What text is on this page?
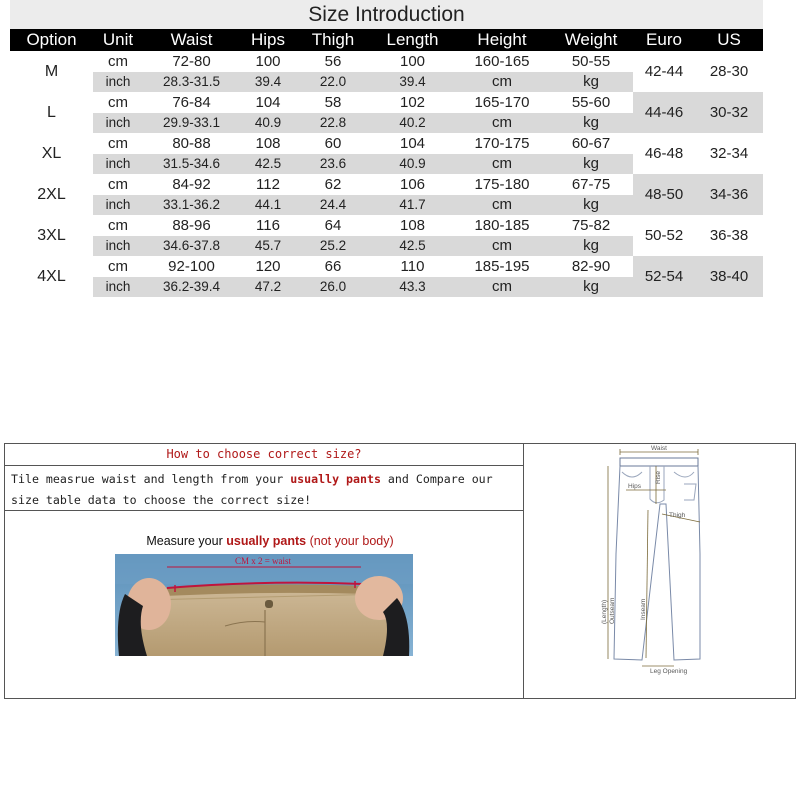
Size Introduction
Option	Unit	Waist	Hips	Thigh	Length	Height	Weight	Euro	US
M	cm	72-80	100	56	100	160-165	50-55	42-44	28-30
	inch	28.3-31.5	39.4	22.0	39.4	cm	kg		
L	cm	76-84	104	58	102	165-170	55-60	44-46	30-32
	inch	29.9-33.1	40.9	22.8	40.2	cm	kg		
XL	cm	80-88	108	60	104	170-175	60-67	46-48	32-34
	inch	31.5-34.6	42.5	23.6	40.9	cm	kg		
2XL	cm	84-92	112	62	106	175-180	67-75	48-50	34-36
	inch	33.1-36.2	44.1	24.4	41.7	cm	kg		
3XL	cm	88-96	116	64	108	180-185	75-82	50-52	36-38
	inch	34.6-37.8	45.7	25.2	42.5	cm	kg		
4XL	cm	92-100	120	66	110	185-195	82-90	52-54	38-40
	inch	36.2-39.4	47.2	26.0	43.3	cm	kg		
How to choose correct size?
Tile measrue waist and length from your usually pants and Compare our size table data to choose the correct size!
Measure your usually pants (not your body)
CM x 2 = waist
Waist
Hips
Thigh
Leg Opening
Rise
(Length) Outseam	Inseam
